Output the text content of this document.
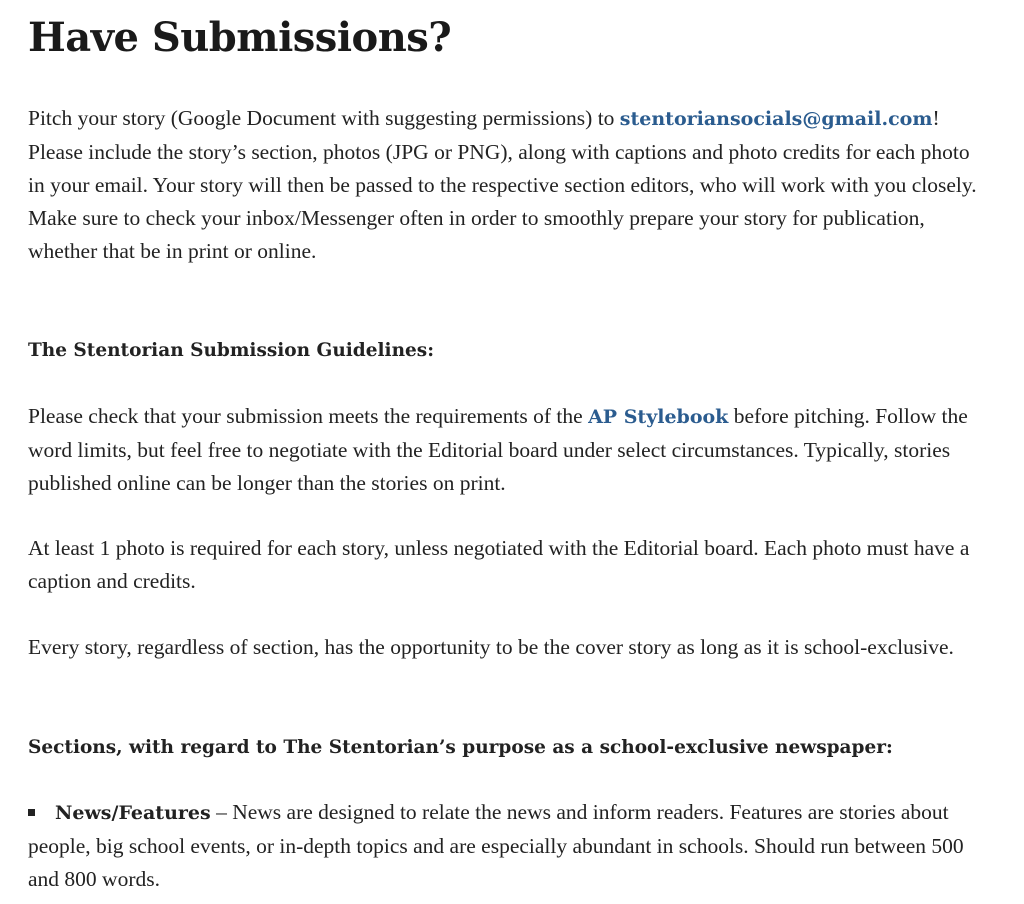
Have Submissions?

Pitch your story (Google Document with suggesting permissions) to stentoriansocials@gmail.com! Please include the story’s section, photos (JPG or PNG), along with captions and photo credits for each photo in your email. Your story will then be passed to the respective section editors, who will work with you closely. Make sure to check your inbox/Messenger often in order to smoothly prepare your story for publication, whether that be in print or online.

The Stentorian Submission Guidelines:

Please check that your submission meets the requirements of the AP Stylebook before pitching. Follow the word limits, but feel free to negotiate with the Editorial board under select circumstances. Typically, stories published online can be longer than the stories on print.

At least 1 photo is required for each story, unless negotiated with the Editorial board. Each photo must have a caption and credits.

Every story, regardless of section, has the opportunity to be the cover story as long as it is school-exclusive.

Sections, with regard to The Stentorian’s purpose as a school-exclusive newspaper:

News/Features – News are designed to relate the news and inform readers. Features are stories about people, big school events, or in-depth topics and are especially abundant in schools. Should run between 500 and 800 words.
